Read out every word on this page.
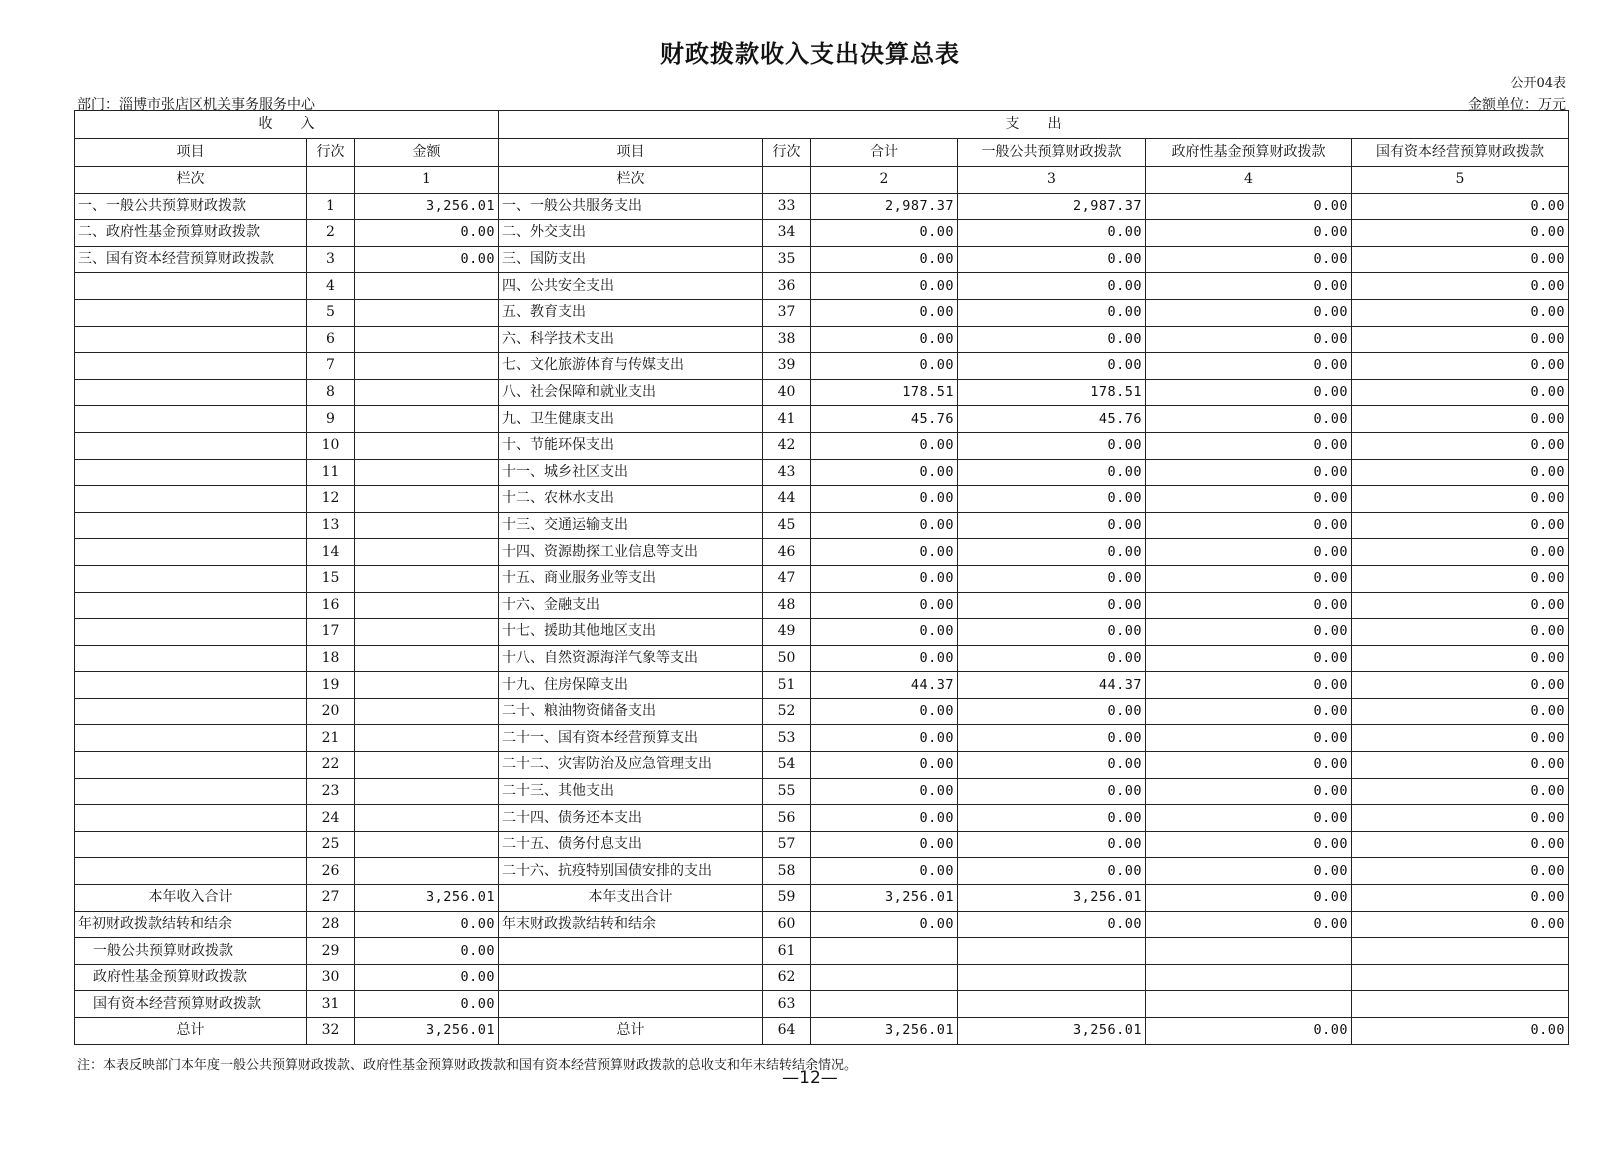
财政拨款收入支出决算总表
公开04表
部门：淄博市张店区机关事务服务中心	金额单位：万元
收　　入			支　　出					
项目	行次	金额	项目	行次	合计	一般公共预算财政拨款	政府性基金预算财政拨款	国有资本经营预算财政拨款
栏次		1	栏次		2	3	4	5
一、一般公共预算财政拨款	1	3,256.01	一、一般公共服务支出	33	2,987.37	2,987.37	0.00	0.00
二、政府性基金预算财政拨款	2	0.00	二、外交支出	34	0.00	0.00	0.00	0.00
三、国有资本经营预算财政拨款	3	0.00	三、国防支出	35	0.00	0.00	0.00	0.00
	4		四、公共安全支出	36	0.00	0.00	0.00	0.00
	5		五、教育支出	37	0.00	0.00	0.00	0.00
	6		六、科学技术支出	38	0.00	0.00	0.00	0.00
	7		七、文化旅游体育与传媒支出	39	0.00	0.00	0.00	0.00
	8		八、社会保障和就业支出	40	178.51	178.51	0.00	0.00
	9		九、卫生健康支出	41	45.76	45.76	0.00	0.00
	10		十、节能环保支出	42	0.00	0.00	0.00	0.00
	11		十一、城乡社区支出	43	0.00	0.00	0.00	0.00
	12		十二、农林水支出	44	0.00	0.00	0.00	0.00
	13		十三、交通运输支出	45	0.00	0.00	0.00	0.00
	14		十四、资源勘探工业信息等支出	46	0.00	0.00	0.00	0.00
	15		十五、商业服务业等支出	47	0.00	0.00	0.00	0.00
	16		十六、金融支出	48	0.00	0.00	0.00	0.00
	17		十七、援助其他地区支出	49	0.00	0.00	0.00	0.00
	18		十八、自然资源海洋气象等支出	50	0.00	0.00	0.00	0.00
	19		十九、住房保障支出	51	44.37	44.37	0.00	0.00
	20		二十、粮油物资储备支出	52	0.00	0.00	0.00	0.00
	21		二十一、国有资本经营预算支出	53	0.00	0.00	0.00	0.00
	22		二十二、灾害防治及应急管理支出	54	0.00	0.00	0.00	0.00
	23		二十三、其他支出	55	0.00	0.00	0.00	0.00
	24		二十四、债务还本支出	56	0.00	0.00	0.00	0.00
	25		二十五、债务付息支出	57	0.00	0.00	0.00	0.00
	26		二十六、抗疫特别国债安排的支出	58	0.00	0.00	0.00	0.00
本年收入合计	27	3,256.01	本年支出合计	59	3,256.01	3,256.01	0.00	0.00
年初财政拨款结转和结余	28	0.00	年末财政拨款结转和结余	60	0.00	0.00	0.00	0.00
一般公共预算财政拨款	29	0.00		61				
政府性基金预算财政拨款	30	0.00		62				
国有资本经营预算财政拨款	31	0.00		63				
总计	32	3,256.01	总计	64	3,256.01	3,256.01	0.00	0.00
注：本表反映部门本年度一般公共预算财政拨款、政府性基金预算财政拨款和国有资本经营预算财政拨款的总收支和年末结转结余情况。
—12—
